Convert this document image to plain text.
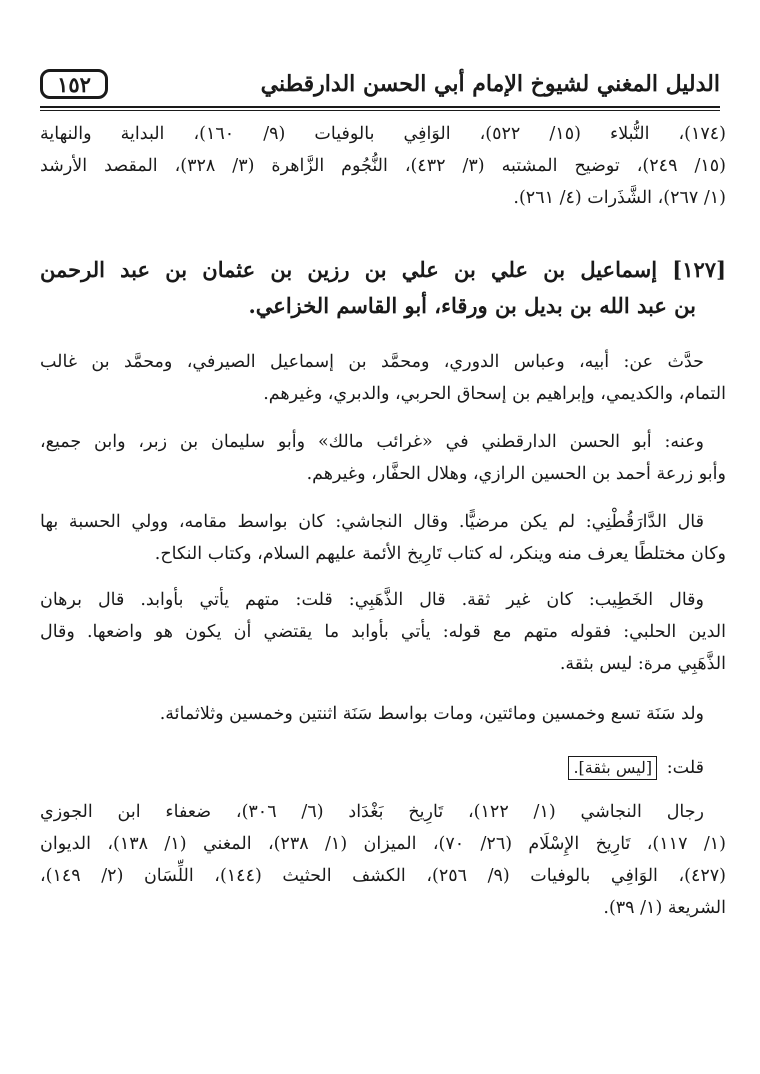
الدليل المغني لشيوخ الإمام أبي الحسن الدارقطني
١٥٢
(١٧٤)، النُّبلاء (١٥/ ٥٢٢)، الوَافِي بالوفيات (٩/ ١٦٠)، البداية والنهاية
(١٥/ ٢٤٩)، توضيح المشتبه (٣/ ٤٣٢)، النُّجُوم الزَّاهرة (٣/ ٣٢٨)، المقصد الأرشد
(١/ ٢٦٧)، الشَّذَرات (٤/ ٢٦١).
[١٢٧] إسماعيل بن علي بن علي بن رزين بن عثمان بن عبد الرحمن
بن عبد الله بن بديل بن ورقاء، أبو القاسم الخزاعي.
حدَّث عن: أبيه، وعباس الدوري، ومحمَّد بن إسماعيل الصيرفي، ومحمَّد بن غالب
التمام، والكديمي، وإبراهيم بن إسحاق الحربي، والدبري، وغيرهم.
وعنه: أبو الحسن الدارقطني في «غرائب مالك» وأبو سليمان بن زبر، وابن جميع،
وأبو زرعة أحمد بن الحسين الرازي، وهلال الحفَّار، وغيرهم.
قال الدَّارَقُطْنِي: لم يكن مرضيًّا. وقال النجاشي: كان بواسط مقامه، وولي الحسبة بها
وكان مختلطًا يعرف منه وينكر، له كتاب تَارِيخ الأئمة عليهم السلام، وكتاب النكاح.
وقال الخَطِيب: كان غير ثقة. قال الذَّهَبِي: قلت: متهم يأتي بأوابد. قال برهان
الدين الحلبي: فقوله متهم مع قوله: يأتي بأوابد ما يقتضي أن يكون هو واضعها. وقال
الذَّهَبِي مرة: ليس بثقة.
ولد سَنَة تسع وخمسين ومائتين، ومات بواسط سَنَة اثنتين وخمسين وثلاثمائة.
قلت: [ليس بثقة].
رجال النجاشي (١/ ١٢٢)، تَارِيخ بَغْدَاد (٦/ ٣٠٦)، ضعفاء ابن الجوزي
(١/ ١١٧)، تَارِيخ الإِسْلَام (٢٦/ ٧٠)، الميزان (١/ ٢٣٨)، المغني (١/ ١٣٨)، الديوان
(٤٢٧)، الوَافِي بالوفيات (٩/ ٢٥٦)، الكشف الحثيث (١٤٤)، اللِّسَان (٢/ ١٤٩)،
الشريعة (١/ ٣٩).
